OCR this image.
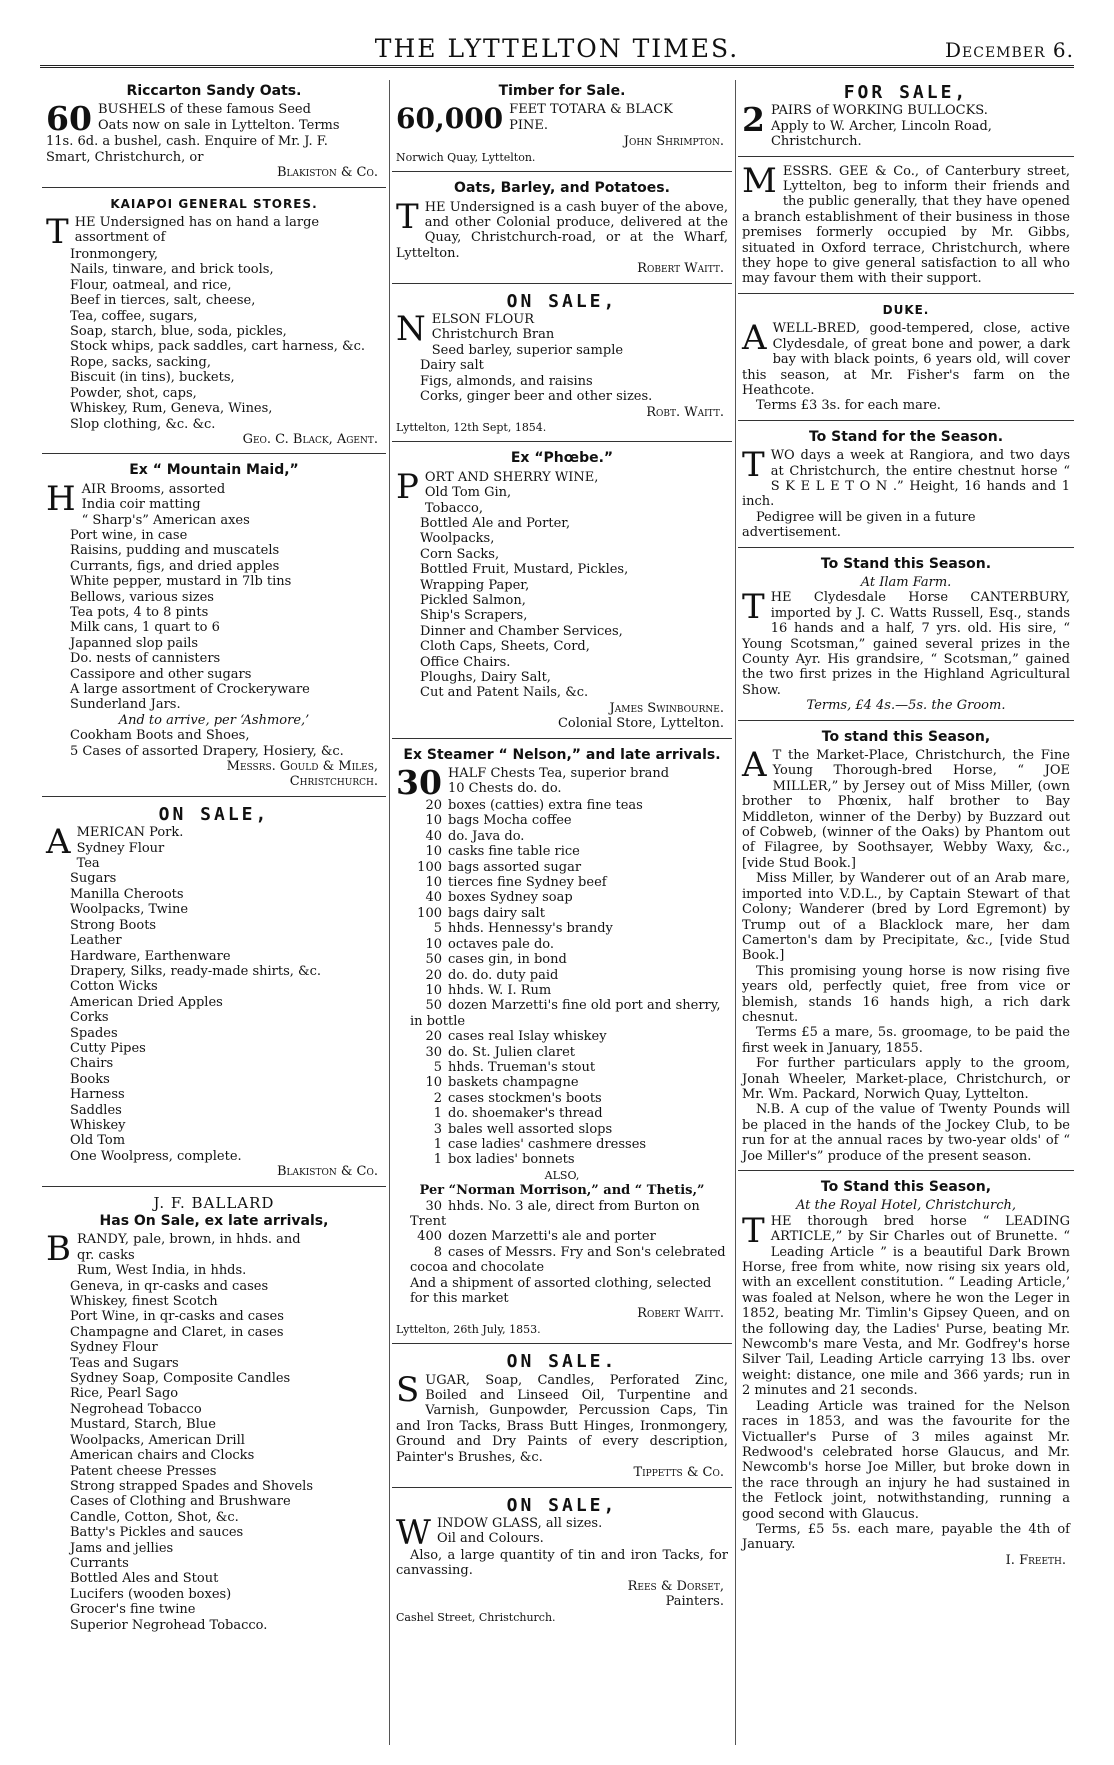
THE LYTTELTON TIMES.	December 6.
Riccarton Sandy Oats.
60 BUSHELS of these famous Seed
Oats now on sale in Lyttelton. Terms
11s. 6d. a bushel, cash. Enquire of Mr. J. F.
Smart, Christchurch, or
Blakiston & Co.
KAIAPOI GENERAL STORES.
T HE Undersigned has on hand a large
assortment of
Ironmongery,
Nails, tinware, and brick tools,
Flour, oatmeal, and rice,
Beef in tierces, salt, cheese,
Tea, coffee, sugars,
Soap, starch, blue, soda, pickles,
Stock whips, pack saddles, cart harness, &c.
Rope, sacks, sacking,
Biscuit (in tins), buckets,
Powder, shot, caps,
Whiskey, Rum, Geneva, Wines,
Slop clothing, &c. &c.
Geo. C. Black, Agent.
Ex “ Mountain Maid,”
H AIR Brooms, assorted
India coir matting
“ Sharp's” American axes
Port wine, in case
Raisins, pudding and muscatels
Currants, figs, and dried apples
White pepper, mustard in 7lb tins
Bellows, various sizes
Tea pots, 4 to 8 pints
Milk cans, 1 quart to 6
Japanned slop pails
Do. nests of cannisters
Cassipore and other sugars
A large assortment of Crockeryware
Sunderland Jars.
And to arrive, per ‘Ashmore,’
Cookham Boots and Shoes,
5 Cases of assorted Drapery, Hosiery, &c.
Messrs. Gould & Miles,
Christchurch.
ON SALE,
A MERICAN Pork.
Sydney Flour
Tea
Sugars
Manilla Cheroots
Woolpacks, Twine
Strong Boots
Leather
Hardware, Earthenware
Drapery, Silks, ready-made shirts, &c.
Cotton Wicks
American Dried Apples
Corks
Spades
Cutty Pipes
Chairs
Books
Harness
Saddles
Whiskey
Old Tom
One Woolpress, complete.
Blakiston & Co.
J. F. BALLARD
Has On Sale, ex late arrivals,
B RANDY, pale, brown, in hhds. and
qr. casks
Rum, West India, in hhds.
Geneva, in qr-casks and cases
Whiskey, finest Scotch
Port Wine, in qr-casks and cases
Champagne and Claret, in cases
Sydney Flour
Teas and Sugars
Sydney Soap, Composite Candles
Rice, Pearl Sago
Negrohead Tobacco
Mustard, Starch, Blue
Woolpacks, American Drill
American chairs and Clocks
Patent cheese Presses
Strong strapped Spades and Shovels
Cases of Clothing and Brushware
Candle, Cotton, Shot, &c.
Batty's Pickles and sauces
Jams and jellies
Currants
Bottled Ales and Stout
Lucifers (wooden boxes)
Grocer's fine twine
Superior Negrohead Tobacco.
Timber for Sale.
60,000 FEET TOTARA & BLACK
PINE.
John Shrimpton.
Norwich Quay, Lyttelton.
Oats, Barley, and Potatoes.
T HE Undersigned is a cash buyer of the above, and other Colonial produce, delivered at the Quay, Christchurch-road, or at the Wharf, Lyttelton.

Robert Waitt.
ON SALE,
N ELSON FLOUR
Christchurch Bran
Seed barley, superior sample
Dairy salt
Figs, almonds, and raisins
Corks, ginger beer and other sizes.
Robt. Waitt.
Lyttelton, 12th Sept, 1854.
Ex “Phœbe.”
P ORT AND SHERRY WINE,
Old Tom Gin,
Tobacco,
Bottled Ale and Porter,
Woolpacks,
Corn Sacks,
Bottled Fruit, Mustard, Pickles,
Wrapping Paper,
Pickled Salmon,
Ship's Scrapers,
Dinner and Chamber Services,
Cloth Caps, Sheets, Cord,
Office Chairs.
Ploughs, Dairy Salt,
Cut and Patent Nails, &c.
James Swinbourne.
Colonial Store, Lyttelton.
Ex Steamer “ Nelson,” and late arrivals.
30 HALF Chests Tea, superior brand
10 Chests do. do.
20 boxes (catties) extra fine teas
10 bags Mocha coffee
40 do. Java do.
10 casks fine table rice
100 bags assorted sugar
10 tierces fine Sydney beef
40 boxes Sydney soap
100 bags dairy salt
5 hhds. Hennessy's brandy
10 octaves pale do.
50 cases gin, in bond
20 do. do. duty paid
10 hhds. W. I. Rum
50 dozen Marzetti's fine old port and sherry, in bottle
20 cases real Islay whiskey
30 do. St. Julien claret
5 hhds. Trueman's stout
10 baskets champagne
2 cases stockmen's boots
1 do. shoemaker's thread
3 bales well assorted slops
1 case ladies' cashmere dresses
1 box ladies' bonnets
ALSO,
Per “Norman Morrison,” and “ Thetis,”
30 hhds. No. 3 ale, direct from Burton on Trent
400 dozen Marzetti's ale and porter
8 cases of Messrs. Fry and Son's celebrated cocoa and chocolate
And a shipment of assorted clothing, selected for this market
Robert Waitt.
Lyttelton, 26th July, 1853.
ON SALE.
S UGAR, Soap, Candles, Perforated Zinc, Boiled and Linseed Oil, Turpentine and Varnish, Gunpowder, Percussion Caps, Tin and Iron Tacks, Brass Butt Hinges, Ironmongery, Ground and Dry Paints of every description, Painter's Brushes, &c.

Tippetts & Co.
ON SALE,
W INDOW GLASS, all sizes.
Oil and Colours.

Also, a large quantity of tin and iron Tacks, for canvassing.

Rees & Dorset,
Painters.
Cashel Street, Christchurch.
FOR SALE,
2 PAIRS of WORKING BULLOCKS.

Apply to W. Archer, Lincoln Road, Christchurch.

M ESSRS. GEE & Co., of Canterbury street, Lyttelton, beg to inform their friends and the public generally, that they have opened a branch establishment of their business in those premises formerly occupied by Mr. Gibbs, situated in Oxford terrace, Christchurch, where they hope to give general satisfaction to all who may favour them with their support.

DUKE.
A WELL-BRED, good-tempered, close, active Clydesdale, of great bone and power, a dark bay with black points, 6 years old, will cover this season, at Mr. Fisher's farm on the Heathcote.

Terms £3 3s. for each mare.

To Stand for the Season.
T WO days a week at Rangiora, and two days at Christchurch, the entire chestnut horse “ S K E L E T O N .” Height, 16 hands and 1 inch.

Pedigree will be given in a future advertisement.

To Stand this Season.
At Ilam Farm.
T HE Clydesdale Horse CANTERBURY, imported by J. C. Watts Russell, Esq., stands 16 hands and a half, 7 yrs. old. His sire, “ Young Scotsman,” gained several prizes in the County Ayr. His grandsire, “ Scotsman,” gained the two first prizes in the Highland Agricultural Show.

Terms, £4 4s.—5s. the Groom.

To stand this Season,
A T the Market-Place, Christchurch, the Fine Young Thorough-bred Horse, “ JOE MILLER,” by Jersey out of Miss Miller, (own brother to Phœnix, half brother to Bay Middleton, winner of the Derby) by Buzzard out of Cobweb, (winner of the Oaks) by Phantom out of Filagree, by Soothsayer, Webby Waxy, &c., [vide Stud Book.]

Miss Miller, by Wanderer out of an Arab mare, imported into V.D.L., by Captain Stewart of that Colony; Wanderer (bred by Lord Egremont) by Trump out of a Blacklock mare, her dam Camerton's dam by Precipitate, &c., [vide Stud Book.]

This promising young horse is now rising five years old, perfectly quiet, free from vice or blemish, stands 16 hands high, a rich dark chesnut.

Terms £5 a mare, 5s. groomage, to be paid the first week in January, 1855.

For further particulars apply to the groom, Jonah Wheeler, Market-place, Christchurch, or Mr. Wm. Packard, Norwich Quay, Lyttelton.

N.B. A cup of the value of Twenty Pounds will be placed in the hands of the Jockey Club, to be run for at the annual races by two-year olds' of “ Joe Miller's” produce of the present season.

To Stand this Season,
At the Royal Hotel, Christchurch,
T HE thorough bred horse “ LEADING ARTICLE,” by Sir Charles out of Brunette. “ Leading Article ” is a beautiful Dark Brown Horse, free from white, now rising six years old, with an excellent constitution. “ Leading Article,’ was foaled at Nelson, where he won the Leger in 1852, beating Mr. Timlin's Gipsey Queen, and on the following day, the Ladies' Purse, beating Mr. Newcomb's mare Vesta, and Mr. Godfrey's horse Silver Tail, Leading Article carrying 13 lbs. over weight: distance, one mile and 366 yards; run in 2 minutes and 21 seconds.

Leading Article was trained for the Nelson races in 1853, and was the favourite for the Victualler's Purse of 3 miles against Mr. Redwood's celebrated horse Glaucus, and Mr. Newcomb's horse Joe Miller, but broke down in the race through an injury he had sustained in the Fetlock joint, notwithstanding, running a good second with Glaucus.

Terms, £5 5s. each mare, payable the 4th of January.

I. Freeth.
